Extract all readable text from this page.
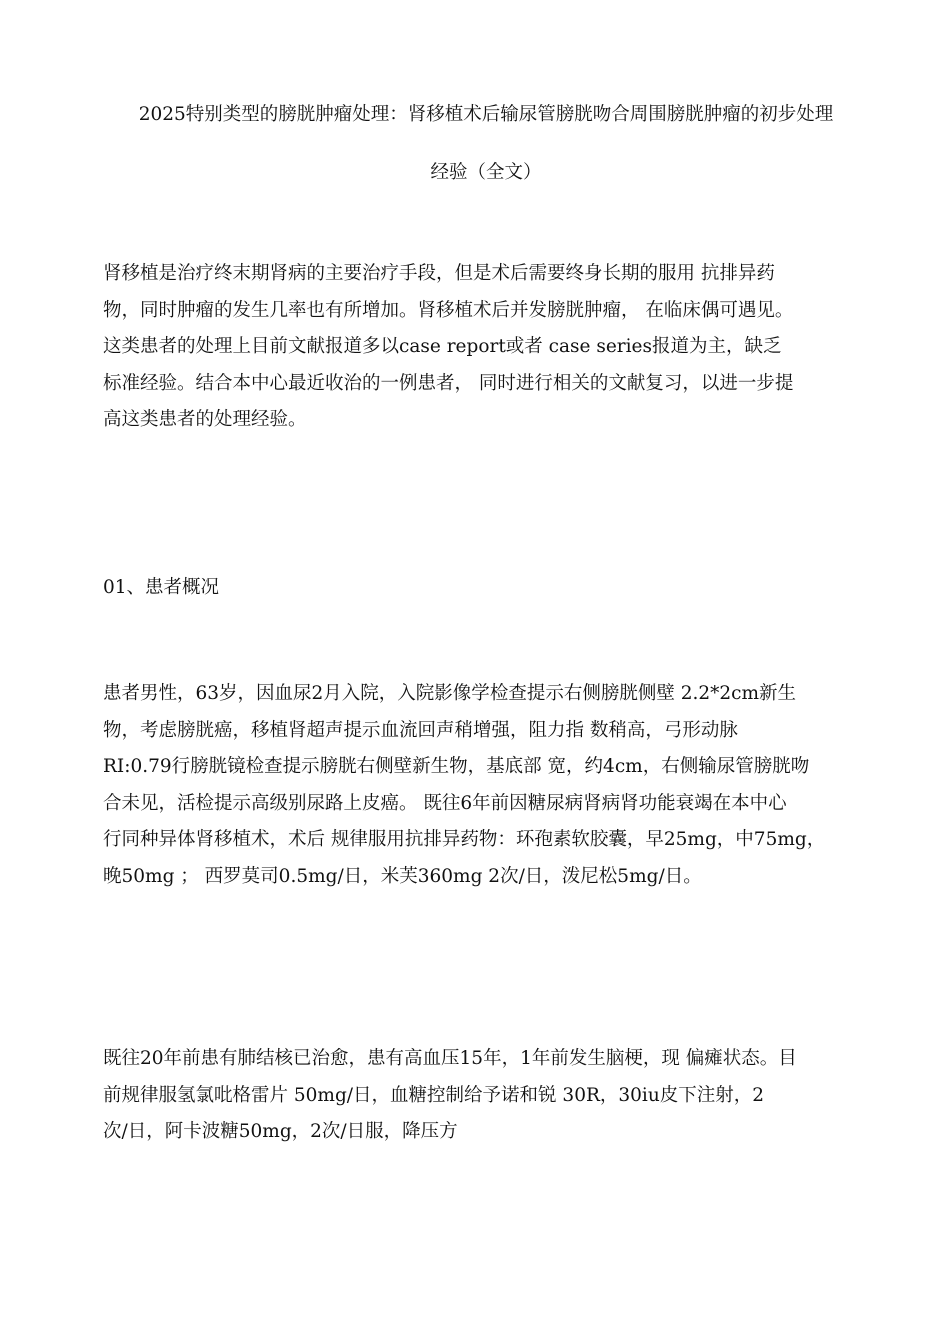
2025特别类型的膀胱肿瘤处理：肾移植术后输尿管膀胱吻合周围膀胱肿瘤的初步处理
经验（全文）
肾移植是治疗终末期肾病的主要治疗手段，但是术后需要终身长期的服用 抗排异药
物，同时肿瘤的发生几率也有所增加。肾移植术后并发膀胱肿瘤， 在临床偶可遇见。
这类患者的处理上目前文献报道多以case report或者 case series报道为主，缺乏
标准经验。结合本中心最近收治的一例患者， 同时进行相关的文献复习，以进一步提
高这类患者的处理经验。
01、患者概况
患者男性，63岁，因血尿2月入院，入院影像学检查提示右侧膀胱侧壁 2.2*2cm新生
物，考虑膀胱癌，移植肾超声提示血流回声稍增强，阻力指 数稍高，弓形动脉
RI:0.79行膀胱镜检查提示膀胱右侧壁新生物，基底部 宽，约4cm，右侧输尿管膀胱吻
合未见，活检提示高级别尿路上皮癌。 既往6年前因糖尿病肾病肾功能衰竭在本中心
行同种异体肾移植术，术后 规律服用抗排异药物：环孢素软胶囊，早25mg，中75mg，
晚50mg ； 西罗莫司0.5mg/日，米芙360mg 2次/日，泼尼松5mg/日。
既往20年前患有肺结核已治愈，患有高血压15年，1年前发生脑梗，现 偏瘫状态。目
前规律服氢氯吡格雷片 50mg/日，血糖控制给予诺和锐 30R，30iu皮下注射，2
次/日，阿卡波糖50mg，2次/日服，降压方
